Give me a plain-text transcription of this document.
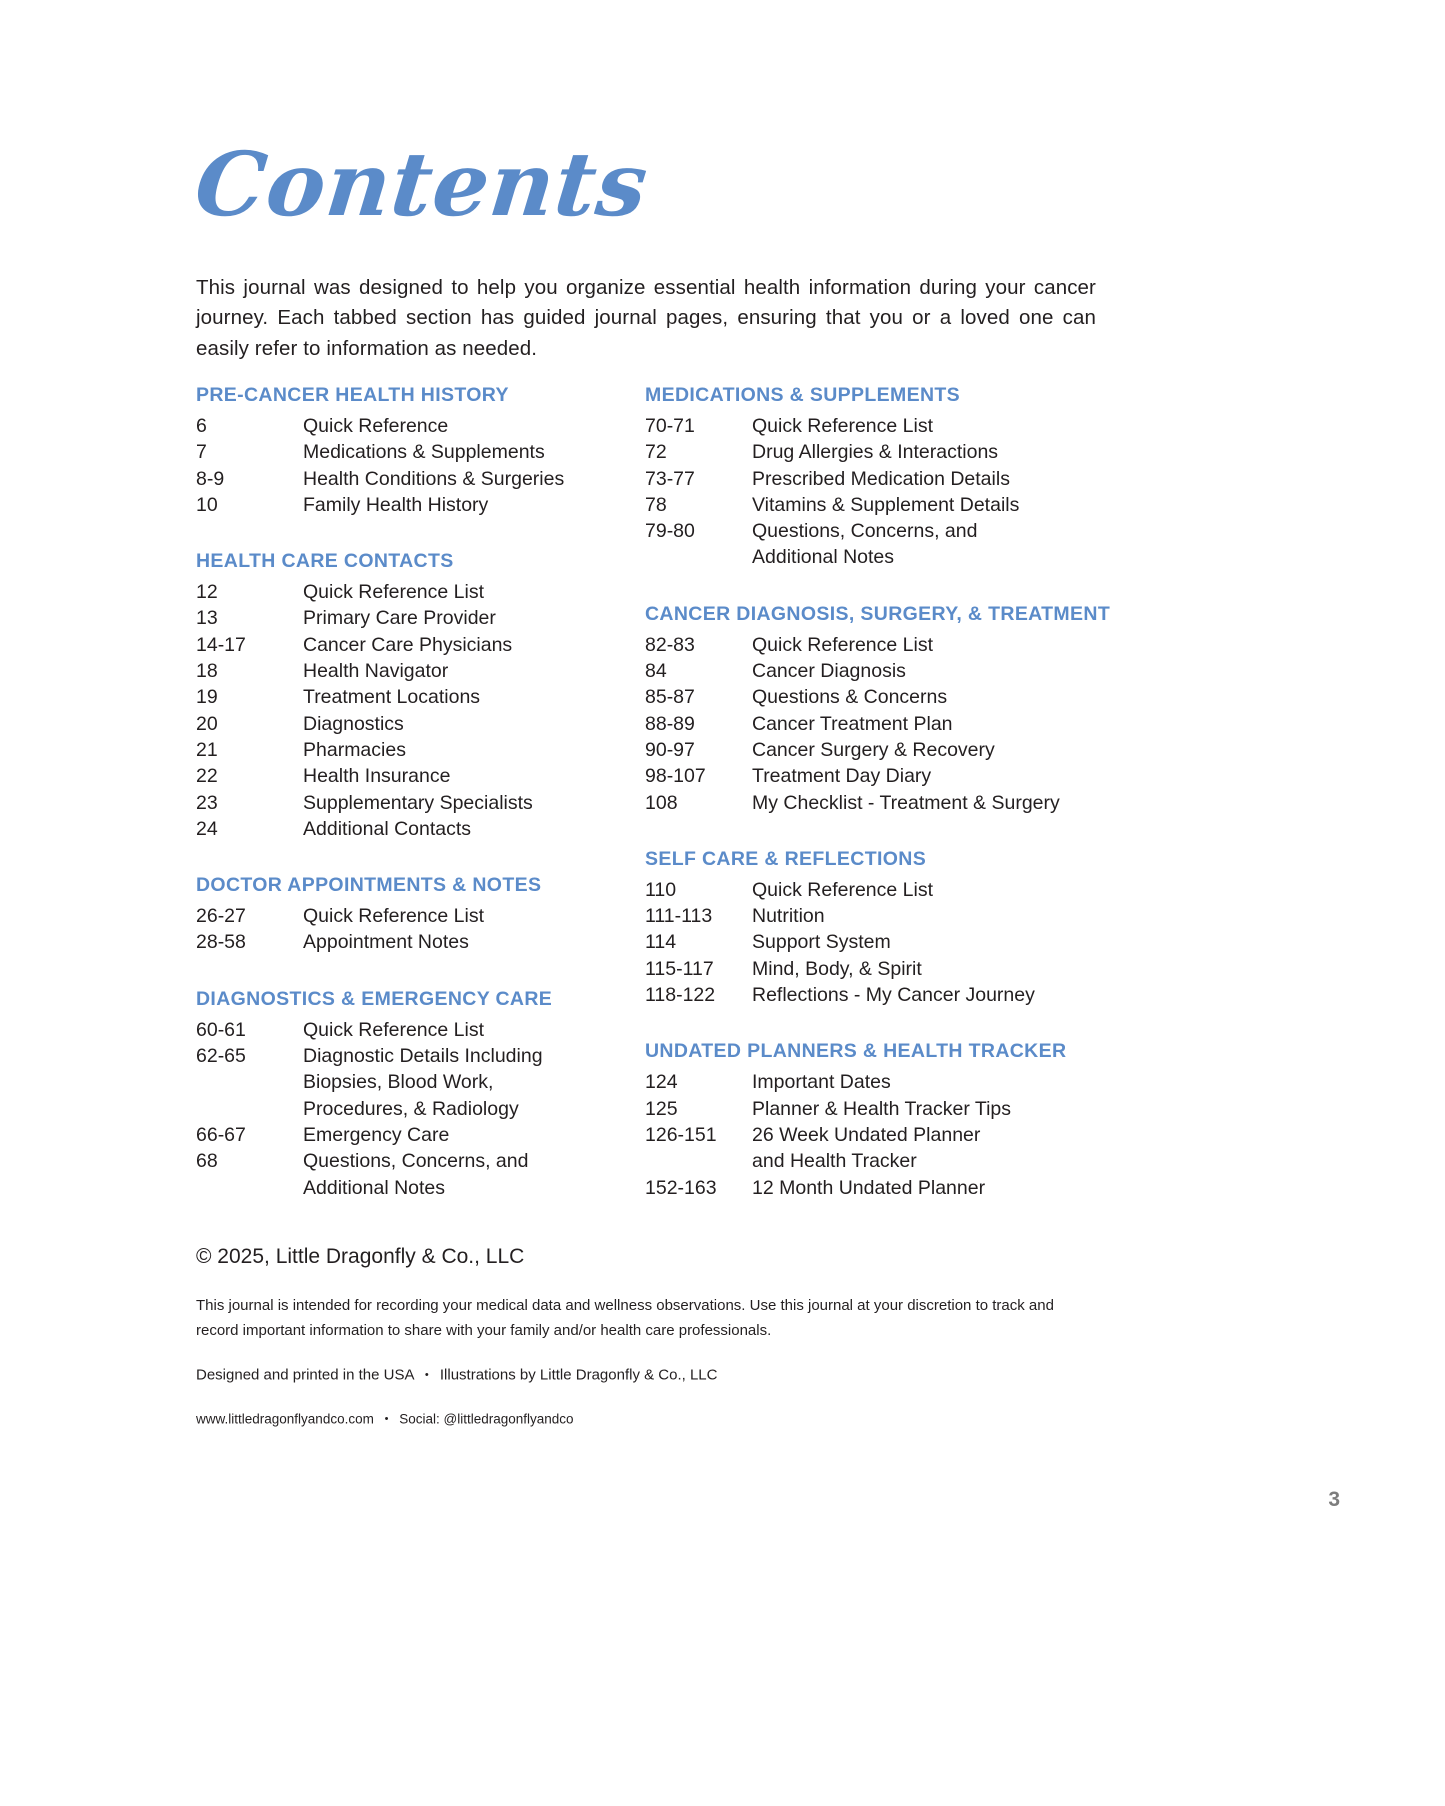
Contents

This journal was designed to help you organize essential health information during your cancer journey. Each tabbed section has guided journal pages, ensuring that you or a loved one can easily refer to information as needed.

PRE-CANCER HEALTH HISTORY
6	Quick Reference
7	Medications & Supplements
8-9	Health Conditions & Surgeries
10	Family Health History
HEALTH CARE CONTACTS
12	Quick Reference List
13	Primary Care Provider
14-17	Cancer Care Physicians
18	Health Navigator
19	Treatment Locations
20	Diagnostics
21	Pharmacies
22	Health Insurance
23	Supplementary Specialists
24	Additional Contacts
DOCTOR APPOINTMENTS & NOTES
26-27	Quick Reference List
28-58	Appointment Notes
DIAGNOSTICS & EMERGENCY CARE
60-61	Quick Reference List
62-65	Diagnostic Details Including
Biopsies, Blood Work,
Procedures, & Radiology
66-67	Emergency Care
68	Questions, Concerns, and
Additional Notes
MEDICATIONS & SUPPLEMENTS
70-71	Quick Reference List
72	Drug Allergies & Interactions
73-77	Prescribed Medication Details
78	Vitamins & Supplement Details
79-80	Questions, Concerns, and
Additional Notes
CANCER DIAGNOSIS, SURGERY, & TREATMENT
82-83	Quick Reference List
84	Cancer Diagnosis
85-87	Questions & Concerns
88-89	Cancer Treatment Plan
90-97	Cancer Surgery & Recovery
98-107	Treatment Day Diary
108	My Checklist - Treatment & Surgery
SELF CARE & REFLECTIONS
110	Quick Reference List
111-113	Nutrition
114	Support System
115-117	Mind, Body, & Spirit
118-122	Reflections - My Cancer Journey
UNDATED PLANNERS & HEALTH TRACKER
124	Important Dates
125	Planner & Health Tracker Tips
126-151	26 Week Undated Planner
and Health Tracker
152-163	12 Month Undated Planner
© 2025, Little Dragonfly & Co., LLC
This journal is intended for recording your medical data and wellness observations. Use this journal at your discretion to track and record important information to share with your family and/or health care professionals.
Designed and printed in the USA • Illustrations by Little Dragonfly & Co., LLC
www.littledragonflyandco.com • Social: @littledragonflyandco
3
